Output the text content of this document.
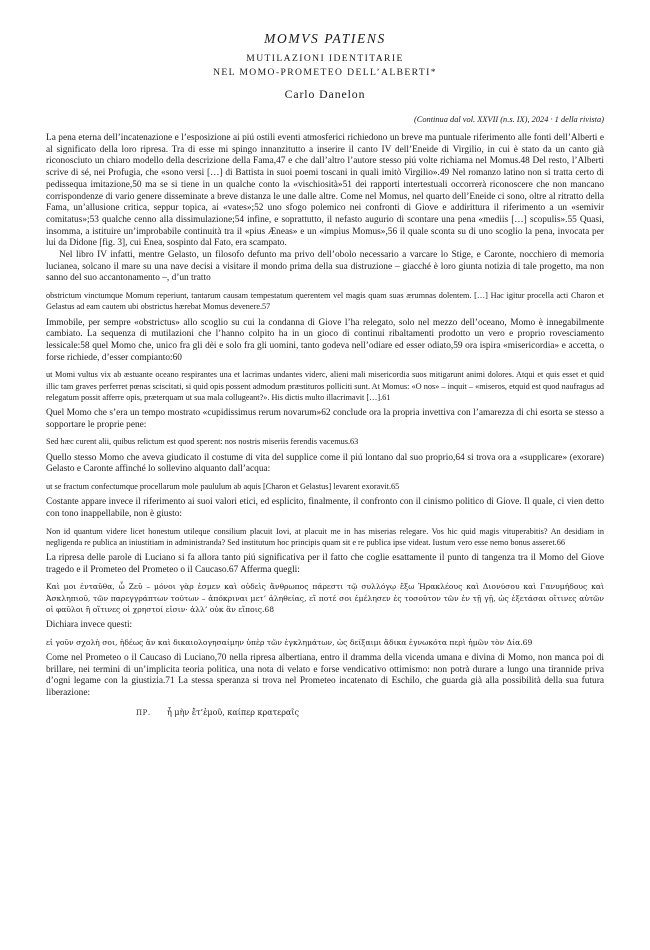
MOMVS PATIENS
MUTILAZIONI IDENTITARIE
NEL MOMO-PROMETEO DELL’ALBERTI*
Carlo Danelon
(Continua dal vol. XXVII (n.s. IX), 2024 · 1 della rivista)

La pena eterna dell’incatenazione e l’esposizione ai piú ostili eventi atmosferici richiedono un breve ma puntuale riferimento alle fonti dell’Alberti e al significato della loro ripresa. Tra di esse mi spingo innanzitutto a inserire il canto IV dell’Eneide di Virgilio, in cui è stato da un canto già riconosciuto un chiaro modello della descrizione della Fama,47 e che dall’altro l’autore stesso piú volte richiama nel Momus.48 Del resto, l’Alberti scrive di sé, nei Profugia, che «sono versi […] di Battista in suoi poemi toscani in quali imitò Virgilio».49 Nel romanzo latino non si tratta certo di pedissequa imitazione,50 ma se si tiene in un qualche conto la «vischiosità»51 dei rapporti intertestuali occorrerà riconoscere che non mancano corrispondenze di vario genere disseminate a breve distanza le une dalle altre. Come nel Momus, nel quarto dell’Eneide ci sono, oltre al ritratto della Fama, un’allusione critica, seppur topica, ai «vates»;52 uno sfogo polemico nei confronti di Giove e addirittura il riferimento a un «semivir comitatus»;53 qualche cenno alla dissimulazione;54 infine, e soprattutto, il nefasto augurio di scontare una pena «mediis […] scopulis».55 Quasi, insomma, a istituire un’improbabile continuità tra il «pius Æneas» e un «impius Momus»,56 il quale sconta su di uno scoglio la pena, invocata per lui da Didone [fig. 3], cui Enea, sospinto dal Fato, era scampato.

Nel libro IV infatti, mentre Gelasto, un filosofo defunto ma privo dell’obolo necessario a varcare lo Stige, e Caronte, nocchiero di memoria lucianea, solcano il mare su una nave decisi a visitare il mondo prima della sua distruzione – giacché è loro giunta notizia di tale progetto, ma non sanno del suo accantonamento –, d’un tratto

obstrictum vinctumque Momum reperiunt, tantarum causam tempestatum querentem vel magis quam suas ærumnas dolentem. […] Hac igitur procella acti Charon et Gelastus ad eam cautem ubi obstrictus hærebat Momus devenere.57

Immobile, per sempre «obstrictus» allo scoglio su cui la condanna di Giove l’ha relegato, solo nel mezzo dell’oceano, Momo è innegabilmente cambiato. La sequenza di mutilazioni che l’hanno colpito ha in un gioco di continui ribaltamenti prodotto un vero e proprio rovesciamento lessicale:58 quel Momo che, unico fra gli dèi e solo fra gli uomini, tanto godeva nell’odiare ed esser odiato,59 ora ispira «misericordia» e accetta, o forse richiede, d’esser compianto:60

ut Momi vultus vix ab æstuante oceano respirantes una et lacrimas undantes viderc, alieni mali misericordia suos mitigarunt animi dolores. Atqui et quis esset et quid illic tam graves perferret pœnas sciscitati, si quid opis possent admodum præstituros polliciti sunt. At Momus: «O nos» – inquit – «miseros, etquid est quod naufragus ad relegatum possit afferre opis, præterquam ut sua mala collugeant?». His dictis multo illacrimavit […].61

Quel Momo che s’era un tempo mostrato «cupidissimus rerum novarum»62 conclude ora la propria invettiva con l’amarezza di chi esorta se stesso a sopportare le proprie pene:

Sed hæc curent alii, quibus relictum est quod sperent: nos nostris miseriis ferendis vacemus.63

Quello stesso Momo che aveva giudicato il costume di vita del supplice come il piú lontano dal suo proprio,64 si trova ora a «supplicare» (exorare) Gelasto e Caronte affinché lo sollevino alquanto dall’acqua:

ut se fractum confectumque procellarum mole paululum ab aquis [Charon et Gelastus] levarent exoravit.65

Costante appare invece il riferimento ai suoi valori etici, ed esplicito, finalmente, il confronto con il cinismo politico di Giove. Il quale, ci vien detto con tono inappellabile, non è giusto:

Non id quantum videre licet honestum utileque consilium placuit Iovi, at placuit me in has miserias relegare. Vos hic quid magis vituperabitis? An desidiam in negligenda re publica an iniustitiam in administranda? Sed institutum hoc principis quam sit e re publica ipse videat. Iustum vero esse nemo bonus asseret.66

La ripresa delle parole di Luciano si fa allora tanto piú significativa per il fatto che coglie esattamente il punto di tangenza tra il Momo del Giove tragedo e il Prometeo del Prometeo o il Caucaso.67 Afferma quegli:

Καὶ μοι ἐνταῦθα, ὦ Ζεῦ – μόνοι γὰρ ἐσμεν καὶ οὐδεὶς ἄνθρωπος πάρεστι τῷ συλλόγῳ ἔξω Ἡρακλέους καὶ Διονύσου καὶ Γανυμήδους καὶ Ἀσκληπιοῦ, τῶν παρεγγράπτων τούτων – ἀπόκριναι μετ’ ἀληθείας, εἴ ποτέ σοι ἐμέλησεν ἐς τοσοῦτον τῶν ἐν τῇ γῇ, ὡς ἐξετάσαι οἵτινες αὐτῶν οἱ φαῦλοι ἢ οἵτινες οἱ χρηστοί εἰσιν· ἀλλ’ οὐκ ἂν εἴποις.68

Dichiara invece questi:

εἰ γοῦν σχολὴ σοι, ἡδέως ἂν καὶ δικαιολογησαίμην ὑπὲρ τῶν ἐγκλημάτων, ὡς δείξαιμι ἄδικα ἐγνωκότα περὶ ἡμῶν τὸν Δία.69

Come nel Prometeo o il Caucaso di Luciano,70 nella ripresa albertiana, entro il dramma della vicenda umana e divina di Momo, non manca poi di brillare, nei termini di un’implicita teoria politica, una nota di velato e forse vendicativo ottimismo: non potrà durare a lungo una tirannide priva d’ogni legame con la giustizia.71 La stessa speranza si trova nel Prometeo incatenato di Eschilo, che guarda già alla possibilità della sua futura liberazione:

ΠΡ. ἦ μὴν ἔτ’ἐμοῦ, καίπερ κρατεραῖς
